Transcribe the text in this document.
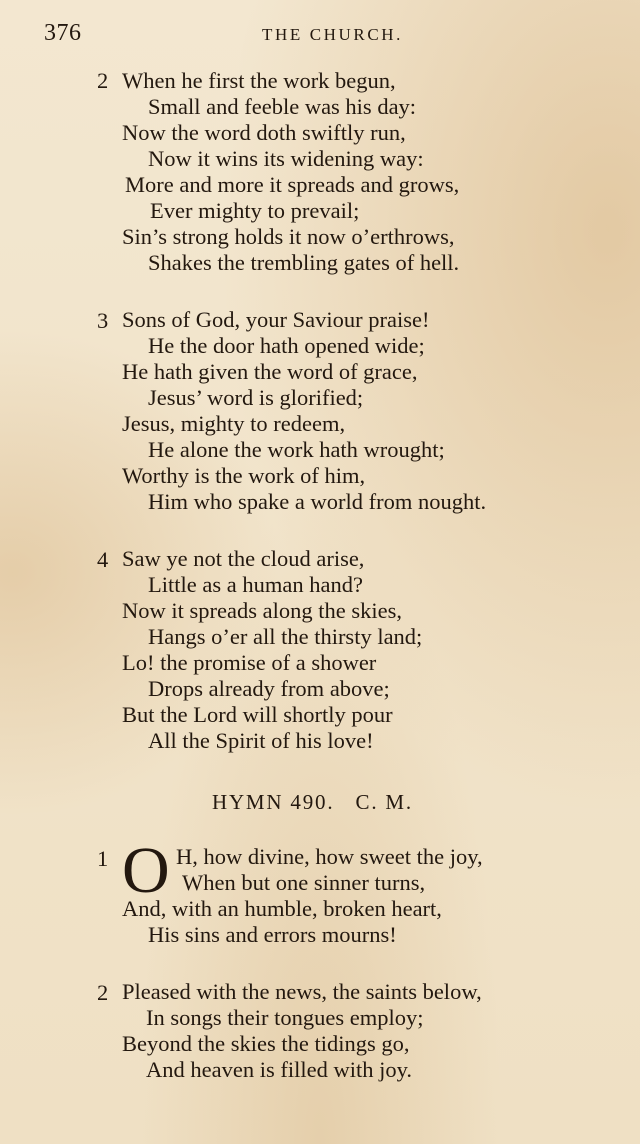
376	THE CHURCH.
2 When he first the work begun,
Small and feeble was his day:
Now the word doth swiftly run,
Now it wins its widening way:
More and more it spreads and grows,
Ever mighty to prevail;
Sin’s strong holds it now o’erthrows,
Shakes the trembling gates of hell.
3 Sons of God, your Saviour praise!
He the door hath opened wide;
He hath given the word of grace,
Jesus’ word is glorified;
Jesus, mighty to redeem,
He alone the work hath wrought;
Worthy is the work of him,
Him who spake a world from nought.
4 Saw ye not the cloud arise,
Little as a human hand?
Now it spreads along the skies,
Hangs o’er all the thirsty land;
Lo! the promise of a shower
Drops already from above;
But the Lord will shortly pour
All the Spirit of his love!
HYMN 490.   C. M.
1 O H, how divine, how sweet the joy,
When but one sinner turns,
And, with an humble, broken heart,
His sins and errors mourns!
2 Pleased with the news, the saints below,
In songs their tongues employ;
Beyond the skies the tidings go,
And heaven is filled with joy.
